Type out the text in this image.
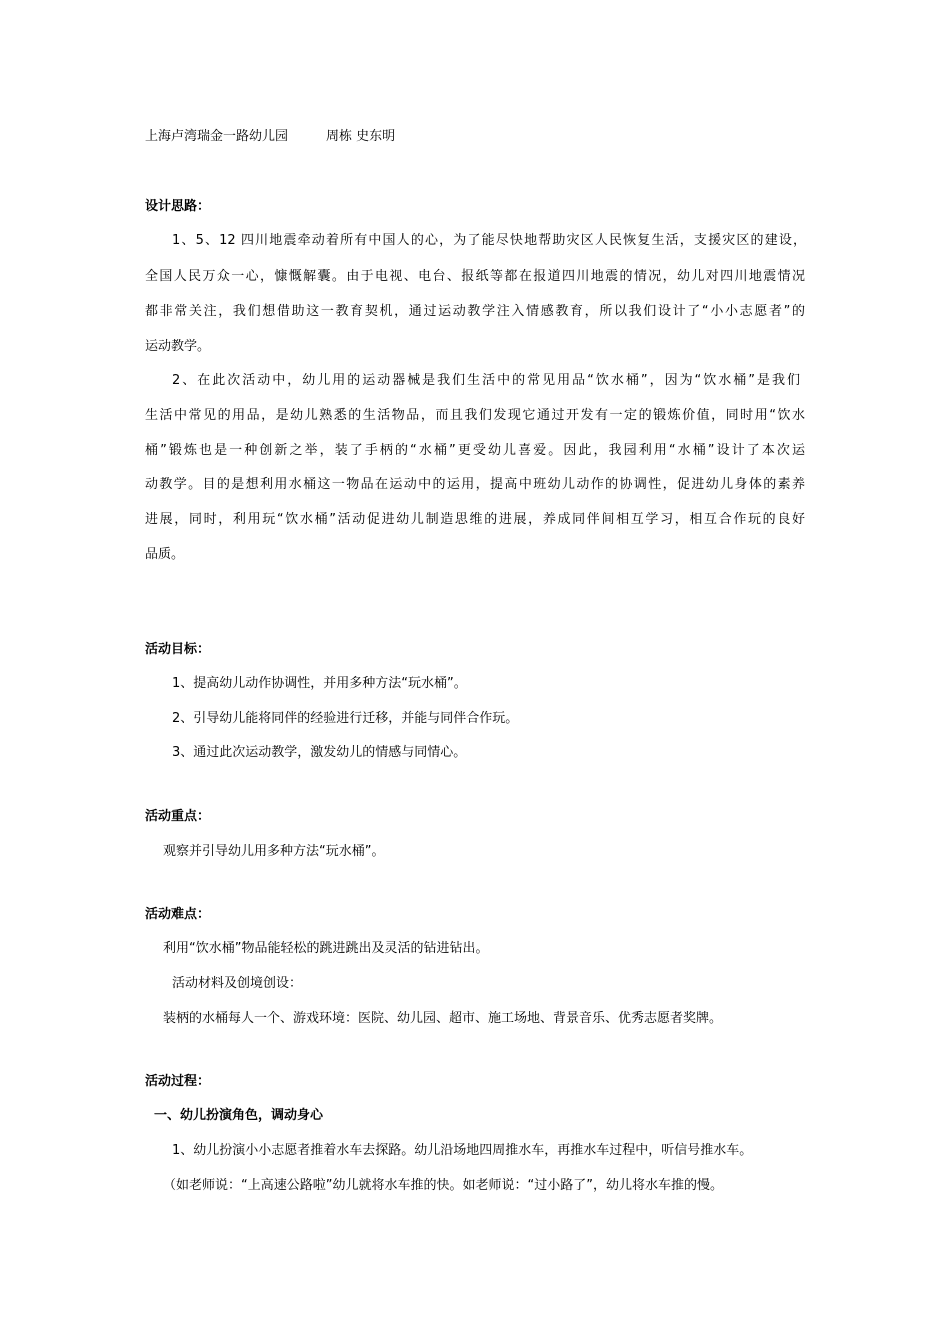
上海卢湾瑞金一路幼儿园	周栋 史东明
设计思路：
1、5、12 四川地震牵动着所有中国人的心，为了能尽快地帮助灾区人民恢复生活，支援灾区的建设，
全国人民万众一心，慷慨解囊。由于电视、电台、报纸等都在报道四川地震的情况，幼儿对四川地震情况
都非常关注，我们想借助这一教育契机，通过运动教学注入情感教育，所以我们设计了“小小志愿者”的
运动教学。
2、在此次活动中，幼儿用的运动器械是我们生活中的常见用品“饮水桶”，因为“饮水桶”是我们
生活中常见的用品，是幼儿熟悉的生活物品，而且我们发现它通过开发有一定的锻炼价值，同时用“饮水
桶”锻炼也是一种创新之举，装了手柄的“水桶”更受幼儿喜爱。因此，我园利用“水桶”设计了本次运
动教学。目的是想利用水桶这一物品在运动中的运用，提高中班幼儿动作的协调性，促进幼儿身体的素养
进展，同时，利用玩“饮水桶”活动促进幼儿制造思维的进展，养成同伴间相互学习，相互合作玩的良好
品质。
活动目标：
1、提高幼儿动作协调性，并用多种方法“玩水桶”。
2、引导幼儿能将同伴的经验进行迁移，并能与同伴合作玩。
3、通过此次运动教学，激发幼儿的情感与同情心。
活动重点：
观察并引导幼儿用多种方法“玩水桶”。
活动难点：
利用“饮水桶”物品能轻松的跳进跳出及灵活的钻进钻出。
活动材料及创境创设：
装柄的水桶每人一个、游戏环境：医院、幼儿园、超市、施工场地、背景音乐、优秀志愿者奖牌。
活动过程：
一、幼儿扮演角色，调动身心
1、幼儿扮演小小志愿者推着水车去探路。幼儿沿场地四周推水车，再推水车过程中，听信号推水车。
（如老师说：“上高速公路啦”幼儿就将水车推的快。如老师说：“过小路了”，幼儿将水车推的慢。
